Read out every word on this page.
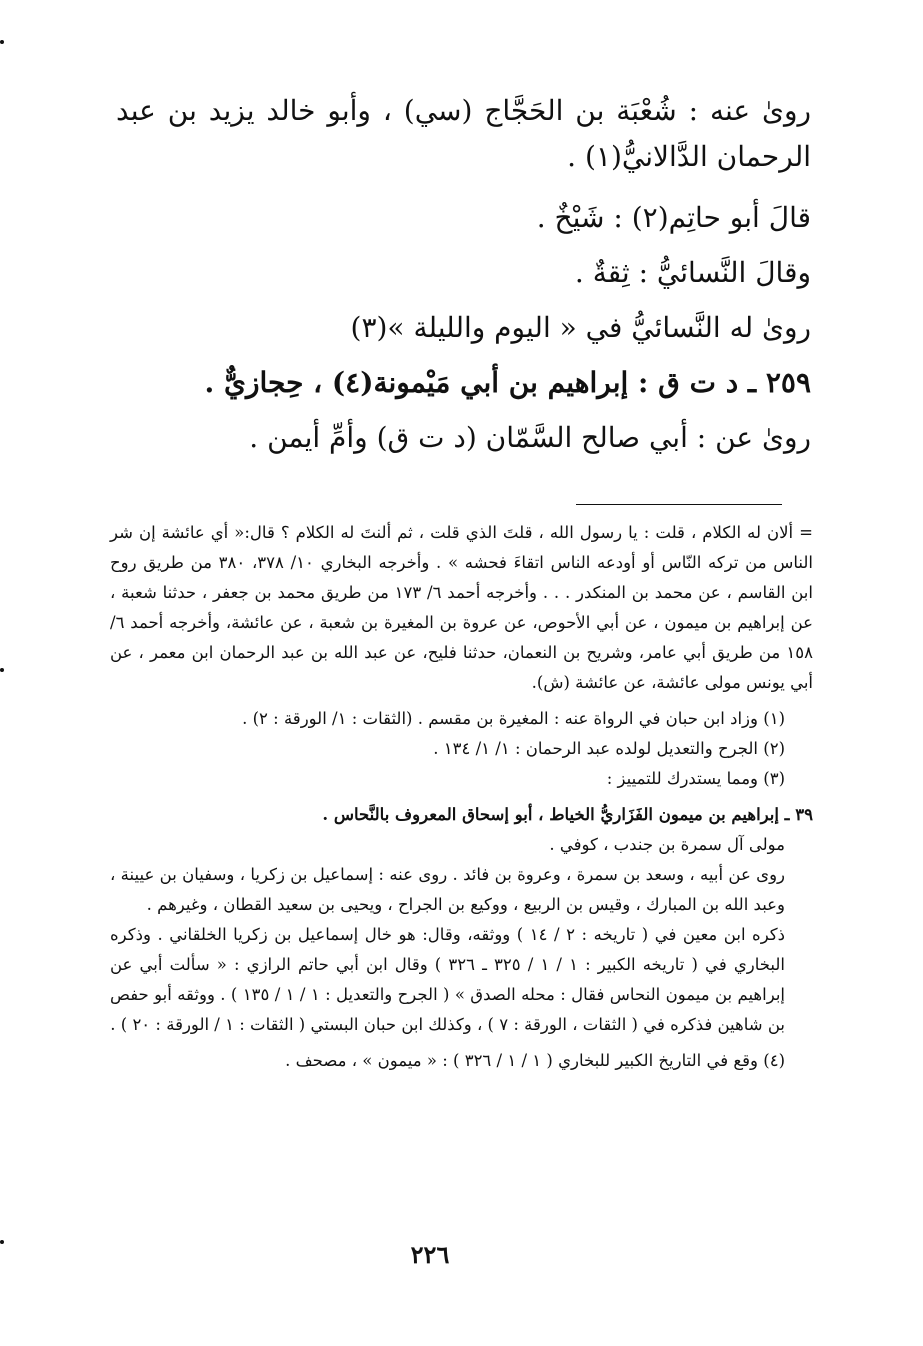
روىٰ عنه : شُعْبَة بن الحَجَّاج (سي) ، وأبو خالد يزيد بن عبد الرحمان الدَّالانيُّ(١) .

قالَ أبو حاتِم(٢) : شَيْخٌ .

وقالَ النَّسائيُّ : ثِقةٌ .

روىٰ له النَّسائيُّ في « اليوم والليلة »(٣)

٢٥٩ ـ د ت ق : إبراهيم بن أبي مَيْمونة(٤) ، حِجازيٌّ .

روىٰ عن : أبي صالح السَّمّان (د ت ق) وأمِّ أيمن .

= ألان له الكلام ، قلت : يا رسول الله ، قلتَ الذي قلت ، ثم ألنتَ له الكلام ؟ قال:« أي عائشة إن شر الناس من تركه النّاس أو أودعه الناس اتقاءَ فحشه » . وأخرجه البخاري ١٠/ ٣٧٨، ٣٨٠ من طريق روح ابن القاسم ، عن محمد بن المنكدر . . . وأخرجه أحمد ٦/ ١٧٣ من طريق محمد بن جعفر ، حدثنا شعبة ، عن إبراهيم بن ميمون ، عن أبي الأحوص، عن عروة بن المغيرة بن شعبة ، عن عائشة، وأخرجه أحمد ٦/ ١٥٨ من طريق أبي عامر، وشريح بن النعمان، حدثنا فليح، عن عبد الله بن عبد الرحمان ابن معمر ، عن أبي يونس مولى عائشة، عن عائشة (ش).

(١) وزاد ابن حبان في الرواة عنه : المغيرة بن مقسم . (الثقات : ١/ الورقة : ٢) .

(٢) الجرح والتعديل لولده عبد الرحمان : ١/ ١/ ١٣٤ .

(٣) ومما يستدرك للتمييز :

٣٩ ـ إبراهيم بن ميمون الفَزَاريُّ الخياط ، أبو إسحاق المعروف بالنَّحاس .

مولى آل سمرة بن جندب ، كوفي .

روى عن أبيه ، وسعد بن سمرة ، وعروة بن فائد . روى عنه : إسماعيل بن زكريا ، وسفيان بن عيينة ، وعبد الله بن المبارك ، وقيس بن الربيع ، ووكيع بن الجراح ، ويحيى بن سعيد القطان ، وغيرهم .

ذكره ابن معين في ( تاريخه : ٢ / ١٤ ) ووثقه، وقال: هو خال إسماعيل بن زكريا الخلقاني . وذكره البخاري في ( تاريخه الكبير : ١ / ١ / ٣٢٥ ـ ٣٢٦ ) وقال ابن أبي حاتم الرازي : « سألت أبي عن إبراهيم بن ميمون النحاس فقال : محله الصدق » ( الجرح والتعديل : ١ / ١ / ١٣٥ ) . ووثقه أبو حفص بن شاهين فذكره في ( الثقات ، الورقة : ٧ ) ، وكذلك ابن حبان البستي ( الثقات : ١ / الورقة : ٢٠ ) .

(٤) وقع في التاريخ الكبير للبخاري ( ١ / ١ / ٣٢٦ ) : « ميمون » ، مصحف .

٢٢٦
